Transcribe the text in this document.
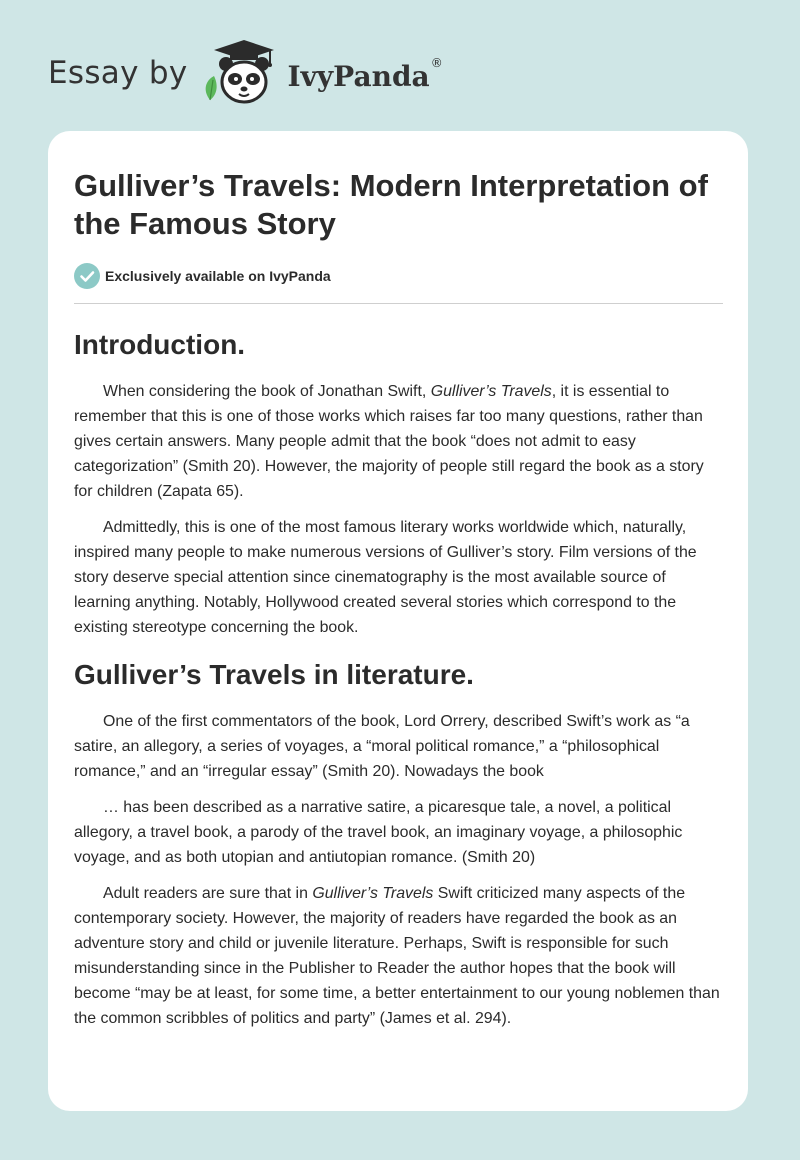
Essay by	IvyPanda ®
Gulliver’s Travels: Modern Interpretation of the Famous Story
Exclusively available on IvyPanda
Introduction.

When considering the book of Jonathan Swift, Gulliver’s Travels, it is essential to remember that this is one of those works which raises far too many questions, rather than gives certain answers. Many people admit that the book “does not admit to easy categorization” (Smith 20). However, the majority of people still regard the book as a story for children (Zapata 65).

Admittedly, this is one of the most famous literary works worldwide which, naturally, inspired many people to make numerous versions of Gulliver’s story. Film versions of the story deserve special attention since cinematography is the most available source of learning anything. Notably, Hollywood created several stories which correspond to the existing stereotype concerning the book.

Gulliver’s Travels in literature.

One of the first commentators of the book, Lord Orrery, described Swift’s work as “a satire, an allegory, a series of voyages, a “moral political romance,” a “philosophical romance,” and an “irregular essay” (Smith 20). Nowadays the book

… has been described as a narrative satire, a picaresque tale, a novel, a political allegory, a travel book, a parody of the travel book, an imaginary voyage, a philosophic voyage, and as both utopian and antiutopian romance. (Smith 20)

Adult readers are sure that in Gulliver’s Travels Swift criticized many aspects of the contemporary society. However, the majority of readers have regarded the book as an adventure story and child or juvenile literature. Perhaps, Swift is responsible for such misunderstanding since in the Publisher to Reader the author hopes that the book will become “may be at least, for some time, a better entertainment to our young noblemen than the common scribbles of politics and party” (James et al. 294).
